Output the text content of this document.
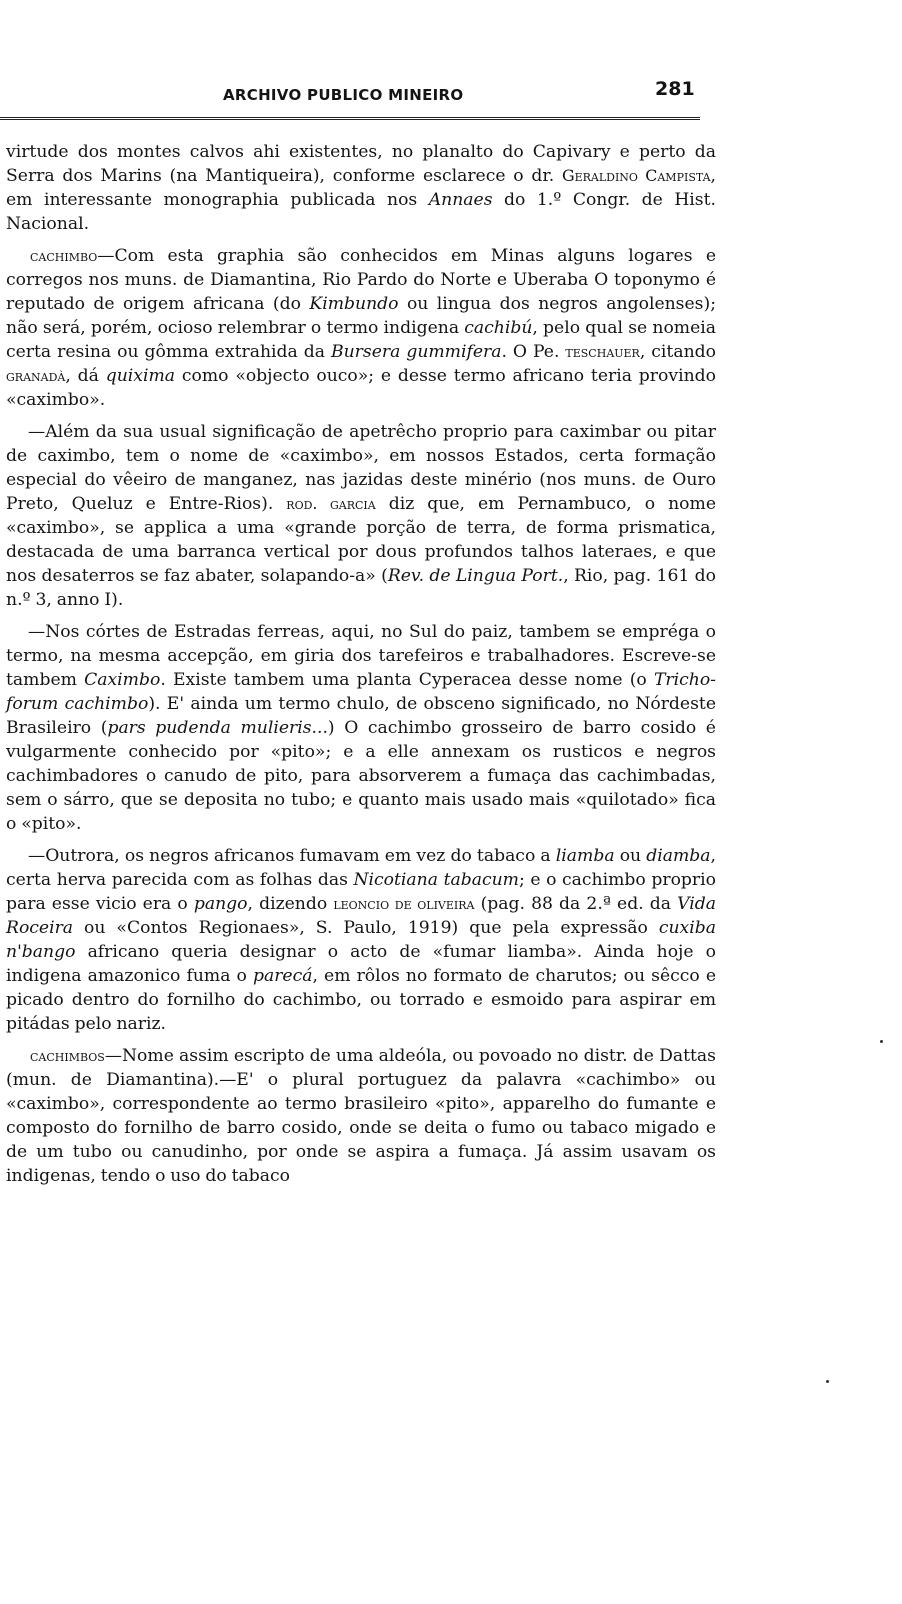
ARCHIVO PUBLICO MINEIRO	281

virtude dos montes calvos ahi existentes, no planalto do Capivary e perto da Serra dos Marins (na Mantiqueira), conforme esclarece o dr. Geraldino Campista, em interessante monographia publicada nos Annaes do 1.º Congr. de Hist. Nacional.

cachimbo—Com esta graphia são conhecidos em Minas alguns logares e corregos nos muns. de Diamantina, Rio Pardo do Norte e Uberaba O toponymo é reputado de origem africana (do Kimbundo ou lingua dos negros angolenses); não será, porém, ocioso relembrar o termo indigena cachibú, pelo qual se nomeia certa resina ou gômma extrahida da Bursera gummifera. O Pe. teschauer, citando granadà, dá quixima como «objecto ouco»; e desse termo africano teria provindo «caximbo».

—Além da sua usual significação de apetrêcho proprio para caximbar ou pitar de caximbo, tem o nome de «caximbo», em nossos Estados, certa formação especial do vêeiro de manganez, nas jazidas deste minério (nos muns. de Ouro Preto, Queluz e Entre-Rios). rod. garcia diz que, em Pernambuco, o nome «caximbo», se applica a uma «grande porção de terra, de forma prismatica, destacada de uma barranca vertical por dous profundos talhos lateraes, e que nos desaterros se faz abater, solapando-a» (Rev. de Lingua Port., Rio, pag. 161 do n.º 3, anno I).

—Nos córtes de Estradas ferreas, aqui, no Sul do paiz, tambem se empréga o termo, na mesma accepção, em giria dos tarefeiros e trabalhadores. Escreve-se tambem Caximbo. Existe tambem uma planta Cyperacea desse nome (o Tricho-forum cachimbo). E' ainda um termo chulo, de obsceno significado, no Nórdeste Brasileiro (pars pudenda mulieris...) O cachimbo grosseiro de barro cosido é vulgarmente conhecido por «pito»; e a elle annexam os rusticos e negros cachimbadores o canudo de pito, para absorverem a fumaça das cachimbadas, sem o sárro, que se deposita no tubo; e quanto mais usado mais «quilotado» fica o «pito».

—Outrora, os negros africanos fumavam em vez do tabaco a liamba ou diamba, certa herva parecida com as folhas das Nicotiana tabacum; e o cachimbo proprio para esse vicio era o pango, dizendo leoncio de oliveira (pag. 88 da 2.ª ed. da Vida Roceira ou «Contos Regionaes», S. Paulo, 1919) que pela expressão cuxiba n'bango africano queria designar o acto de «fumar liamba». Ainda hoje o indigena amazonico fuma o parecá, em rôlos no formato de charutos; ou sêcco e picado dentro do fornilho do cachimbo, ou torrado e esmoido para aspirar em pitádas pelo nariz.

cachimbos—Nome assim escripto de uma aldeóla, ou povoado no distr. de Dattas (mun. de Diamantina).—E' o plural portuguez da palavra «cachimbo» ou «caximbo», correspondente ao termo brasileiro «pito», apparelho do fumante e composto do fornilho de barro cosido, onde se deita o fumo ou tabaco migado e de um tubo ou canudinho, por onde se aspira a fumaça. Já assim usavam os indigenas, tendo o uso do tabaco
